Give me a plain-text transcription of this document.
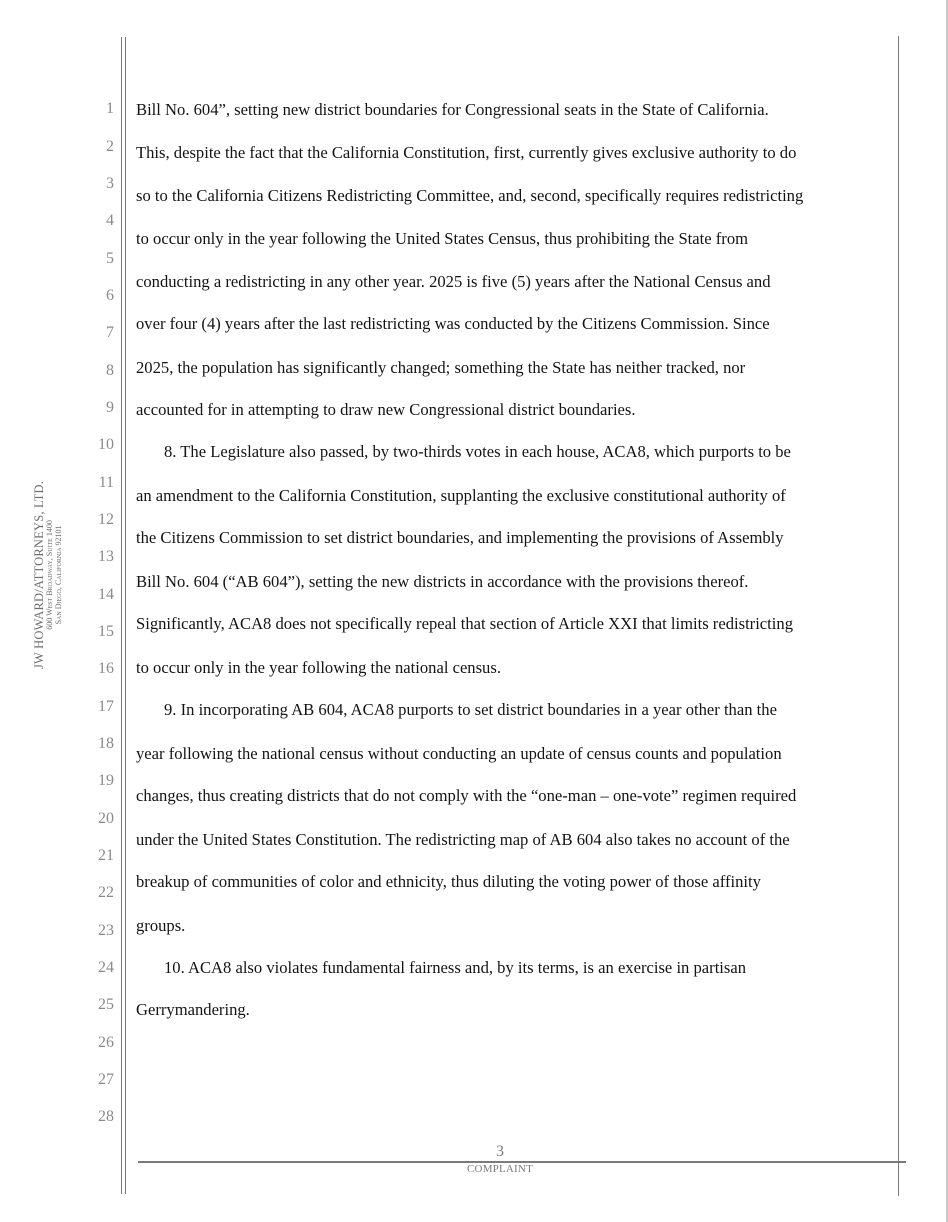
JW HOWARD/ATTORNEYS, LTD. 600 West Broadway, Suite 1400 San Diego, California 92101
1
2
3
4
5
6
7
8
9
10
11
12
13
14
15
16
17
18
19
20
21
22
23
24
25
26
27
28
Bill No. 604”, setting new district boundaries for Congressional seats in the State of California.
This, despite the fact that the California Constitution, first, currently gives exclusive authority to do
so to the California Citizens Redistricting Committee, and, second, specifically requires redistricting
to occur only in the year following the United States Census, thus prohibiting the State from
conducting a redistricting in any other year. 2025 is five (5) years after the National Census and
over four (4) years after the last redistricting was conducted by the Citizens Commission. Since
2025, the population has significantly changed; something the State has neither tracked, nor
accounted for in attempting to draw new Congressional district boundaries.
8. The Legislature also passed, by two-thirds votes in each house, ACA8, which purports to be
an amendment to the California Constitution, supplanting the exclusive constitutional authority of
the Citizens Commission to set district boundaries, and implementing the provisions of Assembly
Bill No. 604 (“AB 604”), setting the new districts in accordance with the provisions thereof.
Significantly, ACA8 does not specifically repeal that section of Article XXI that limits redistricting
to occur only in the year following the national census.
9. In incorporating AB 604, ACA8 purports to set district boundaries in a year other than the
year following the national census without conducting an update of census counts and population
changes, thus creating districts that do not comply with the “one-man – one-vote” regimen required
under the United States Constitution. The redistricting map of AB 604 also takes no account of the
breakup of communities of color and ethnicity, thus diluting the voting power of those affinity
groups.
10. ACA8 also violates fundamental fairness and, by its terms, is an exercise in partisan
Gerrymandering.
3
COMPLAINT
